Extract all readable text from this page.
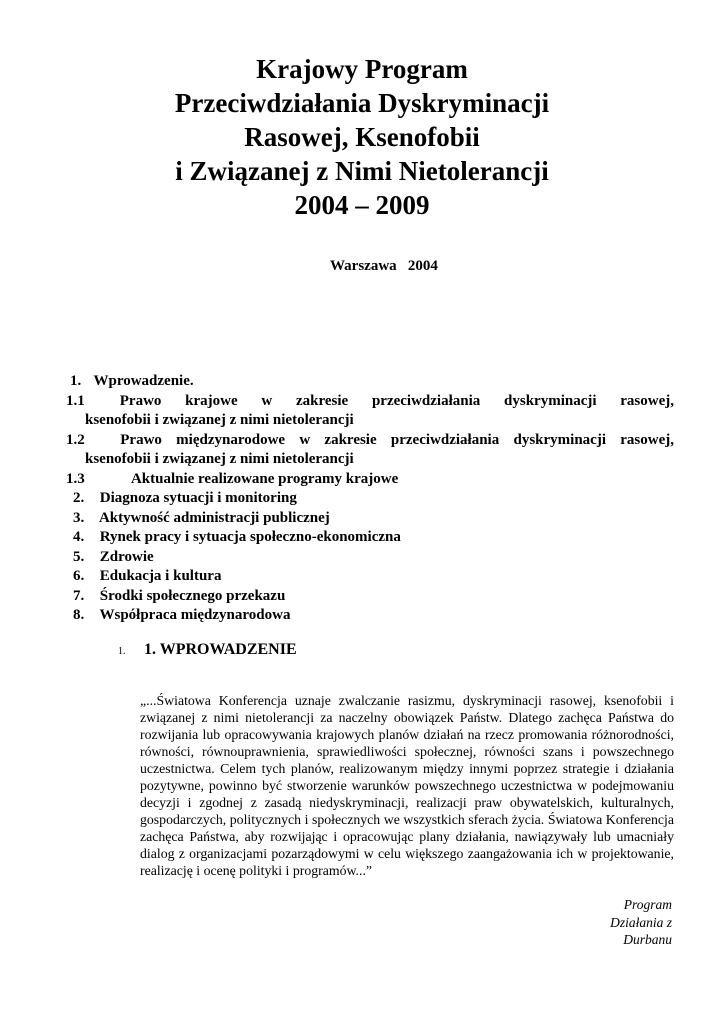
Krajowy Program
Przeciwdziałania Dyskryminacji
Rasowej, Ksenofobii
i Związanej z Nimi Nietolerancji
2004 – 2009
Warszawa   2004
1. Wprowadzenie.
1.1 Prawo krajowe w zakresie przeciwdziałania dyskryminacji rasowej,
ksenofobii i związanej z nimi nietolerancji
1.2 Prawo międzynarodowe w zakresie przeciwdziałania dyskryminacji rasowej,
ksenofobii i związanej z nimi nietolerancji
1.3	Aktualnie realizowane programy krajowe
2. Diagnoza sytuacji i monitoring
3. Aktywność administracji publicznej
4. Rynek pracy i sytuacja społeczno-ekonomiczna
5. Zdrowie
6. Edukacja i kultura
7. Środki społecznego przekazu
8. Współpraca międzynarodowa
1. 1. WPROWADZENIE
„...Światowa Konferencja uznaje zwalczanie rasizmu, dyskryminacji rasowej, ksenofobii i związanej z nimi nietolerancji za naczelny obowiązek Państw. Dlatego zachęca Państwa do rozwijania lub opracowywania krajowych planów działań na rzecz promowania różnorodności, równości, równouprawnienia, sprawiedliwości społecznej, równości szans i powszechnego uczestnictwa. Celem tych planów, realizowanym między innymi poprzez strategie i działania pozytywne, powinno być stworzenie warunków powszechnego uczestnictwa w podejmowaniu decyzji i zgodnej z zasadą niedyskryminacji, realizacji praw obywatelskich, kulturalnych, gospodarczych, politycznych i społecznych we wszystkich sferach życia. Światowa Konferencja zachęca Państwa, aby rozwijając i opracowując plany działania, nawiązywały lub umacniały dialog z organizacjami pozarządowymi w celu większego zaangażowania ich w projektowanie, realizację i ocenę polityki i programów...”
Program
Działania z
Durbanu
